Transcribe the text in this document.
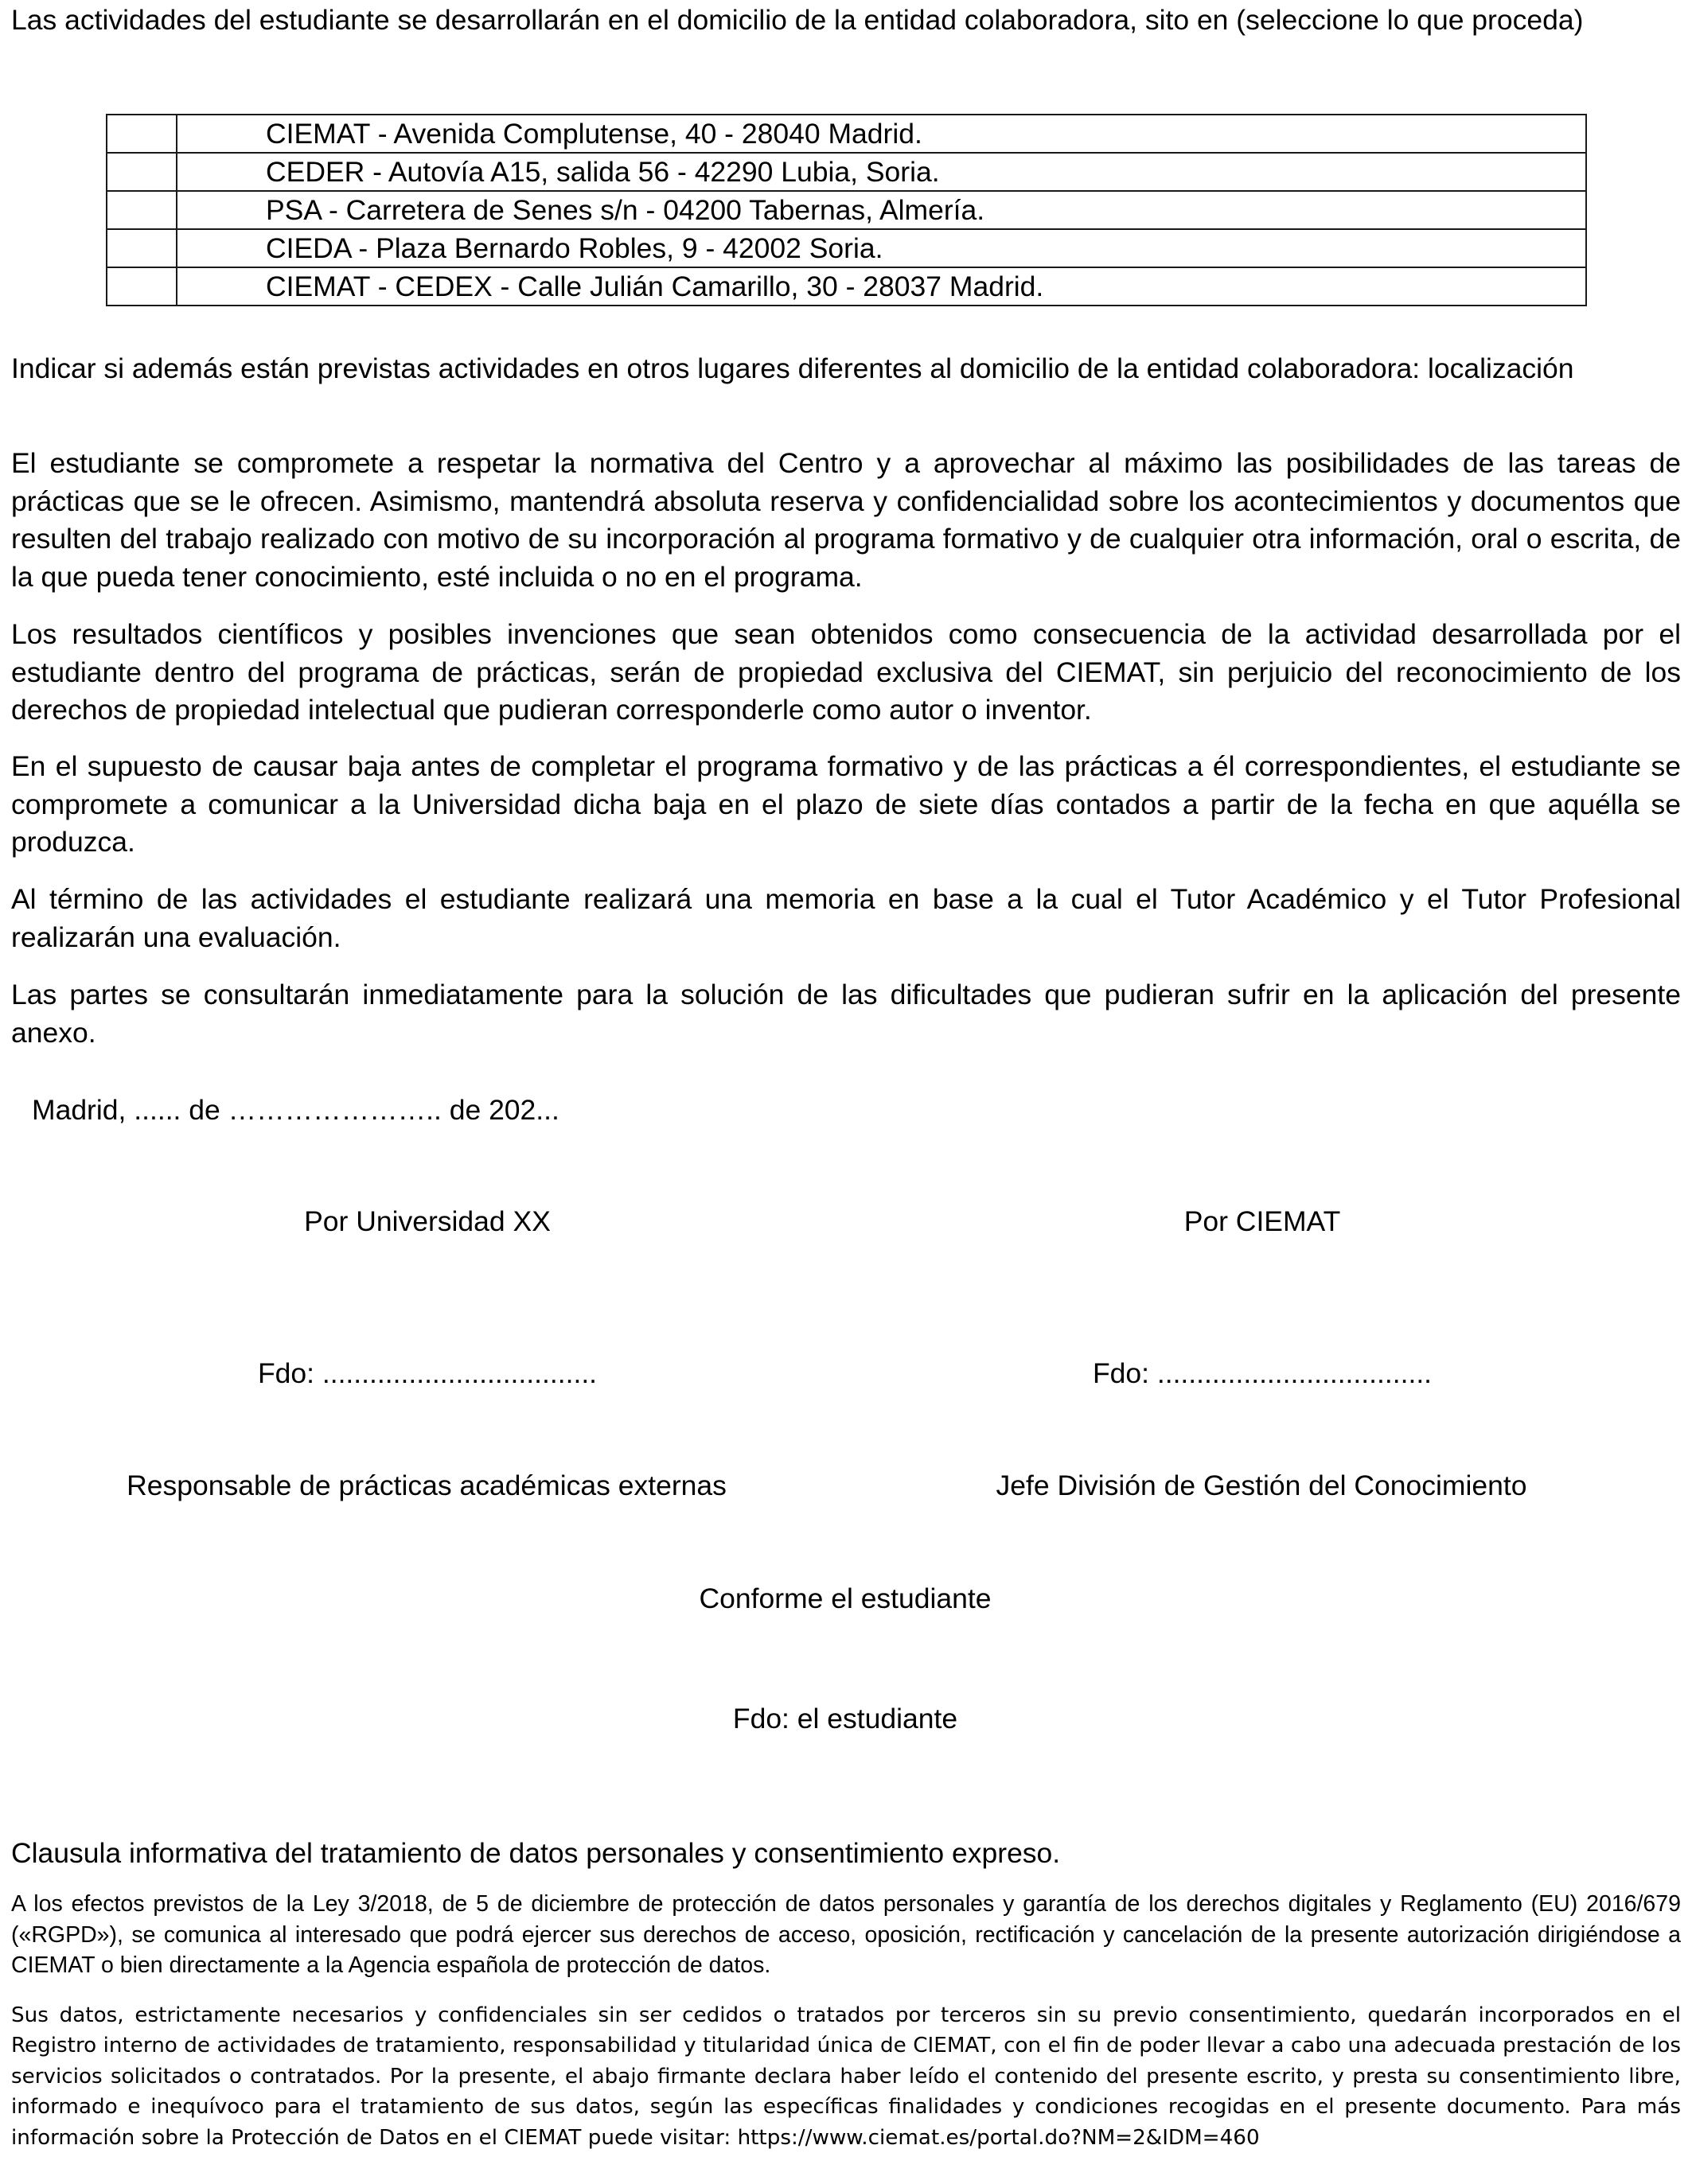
Las actividades del estudiante se desarrollarán en el domicilio de la entidad colaboradora, sito en (seleccione lo que proceda)

	CIEMAT - Avenida Complutense, 40 - 28040 Madrid.
	CEDER - Autovía A15, salida 56 - 42290 Lubia, Soria.
	PSA - Carretera de Senes s/n - 04200 Tabernas, Almería.
	CIEDA - Plaza Bernardo Robles, 9 - 42002 Soria.
	CIEMAT - CEDEX - Calle Julián Camarillo, 30 - 28037 Madrid.

Indicar si además están previstas actividades en otros lugares diferentes al domicilio de la entidad colaboradora: localización

El estudiante se compromete a respetar la normativa del Centro y a aprovechar al máximo las posibilidades de las tareas de prácticas que se le ofrecen. Asimismo, mantendrá absoluta reserva y confidencialidad sobre los acontecimientos y documentos que resulten del trabajo realizado con motivo de su incorporación al programa formativo y de cualquier otra información, oral o escrita, de la que pueda tener conocimiento, esté incluida o no en el programa.

Los resultados científicos y posibles invenciones que sean obtenidos como consecuencia de la actividad desarrollada por el estudiante dentro del programa de prácticas, serán de propiedad exclusiva del CIEMAT, sin perjuicio del reconocimiento de los derechos de propiedad intelectual que pudieran corresponderle como autor o inventor.

En el supuesto de causar baja antes de completar el programa formativo y de las prácticas a él correspondientes, el estudiante se compromete a comunicar a la Universidad dicha baja en el plazo de siete días contados a partir de la fecha en que aquélla se produzca.

Al término de las actividades el estudiante realizará una memoria en base a la cual el Tutor Académico y el Tutor Profesional realizarán una evaluación.

Las partes se consultarán inmediatamente para la solución de las dificultades que pudieran sufrir en la aplicación del presente anexo.

Madrid, ...... de ………………….. de 202...
Por Universidad XX	Por CIEMAT
Fdo: ...................................	Fdo: ...................................
Responsable de prácticas académicas externas	Jefe División de Gestión del Conocimiento
Conforme el estudiante
Fdo: el estudiante
Clausula informativa del tratamiento de datos personales y consentimiento expreso.

A los efectos previstos de la Ley 3/2018, de 5 de diciembre de protección de datos personales y garantía de los derechos digitales y Reglamento (EU) 2016/679 («RGPD»), se comunica al interesado que podrá ejercer sus derechos de acceso, oposición, rectificación y cancelación de la presente autorización dirigiéndose a CIEMAT o bien directamente a la Agencia española de protección de datos.

Sus datos, estrictamente necesarios y confidenciales sin ser cedidos o tratados por terceros sin su previo consentimiento, quedarán incorporados en el Registro interno de actividades de tratamiento, responsabilidad y titularidad única de CIEMAT, con el fin de poder llevar a cabo una adecuada prestación de los servicios solicitados o contratados. Por la presente, el abajo firmante declara haber leído el contenido del presente escrito, y presta su consentimiento libre, informado e inequívoco para el tratamiento de sus datos, según las específicas finalidades y condiciones recogidas en el presente documento. Para más información sobre la Protección de Datos en el CIEMAT puede visitar: https://www.ciemat.es/portal.do?NM=2&IDM=460
